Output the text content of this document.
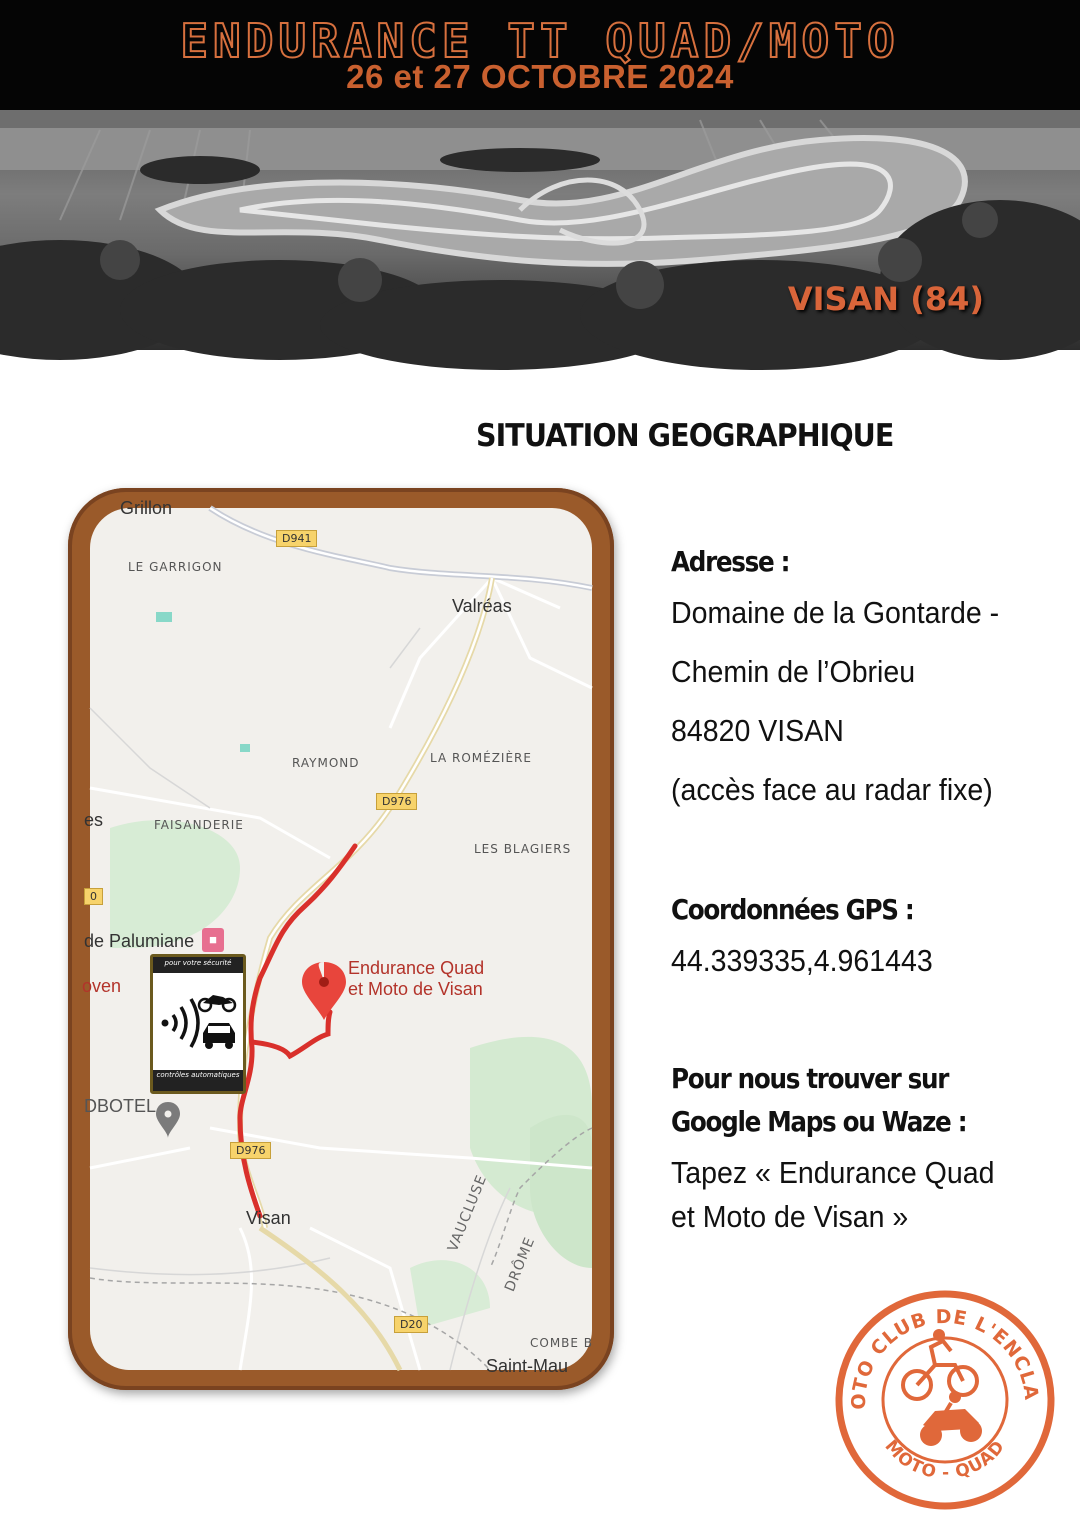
ENDURANCE TT QUAD/MOTO
26 et 27 OCTOBRE 2024
VISAN (84)
SITUATION GEOGRAPHIQUE
LE GARRIGON
RAYMOND	LA ROMÉZIÈRE
FAISANDERIE
LES BLAGIERS
COMBE B
Valréas
Visan
Saint-Mau
Grillon
de Palumiane
oven
DBOTEL
es
D941
D976
D976
D20
0
VAUCLUSE
DRÔME
Endurance Quad
et Moto de Visan
■
pour votre sécurité
contrôles automatiques
Adresse :
Domaine de la Gontarde -
Chemin de l’Obrieu
84820 VISAN
(accès face au radar fixe)
Coordonnées GPS :
44.339335,4.961443
Pour nous trouver sur
Google Maps ou Waze :
Tapez « Endurance Quad
et Moto de Visan »
OTO CLUB DE L'ENCLA
MOTO - QUAD
